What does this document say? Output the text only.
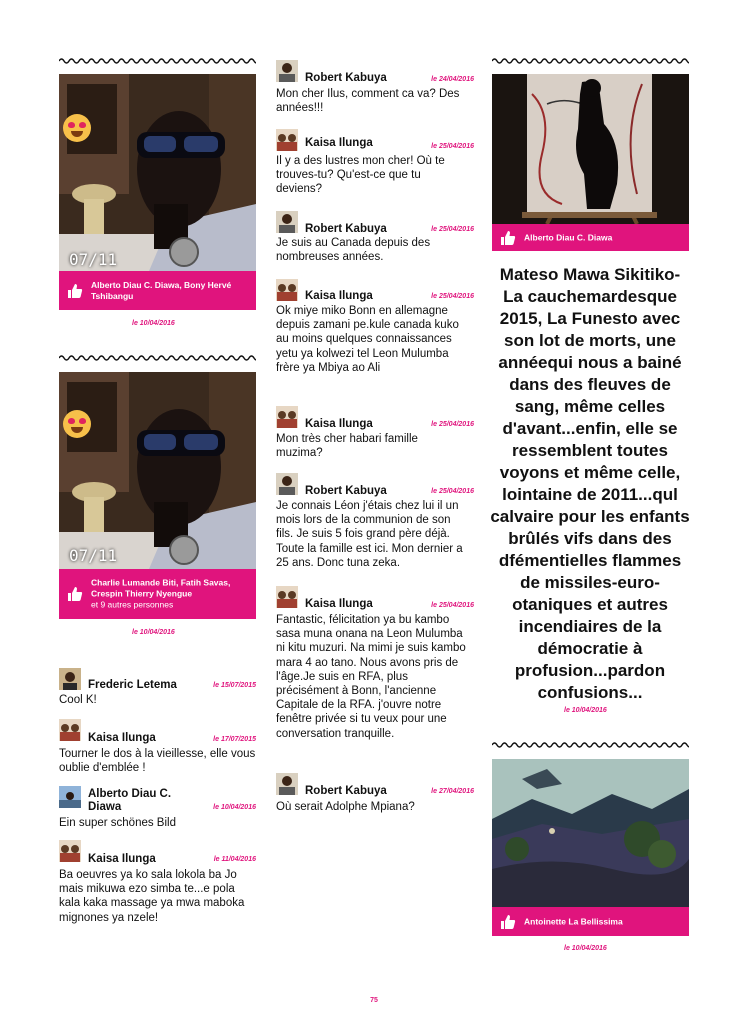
07/11
Alberto Diau C. Diawa, Bony Hervé Tshibangu
le 10/04/2016
07/11
Charlie Lumande Biti, Fatih Savas, Crespin Thierry Nyengue
et 9 autres personnes
le 10/04/2016
Frederic Letema	le 15/07/2015
Cool K!
Kaisa Ilunga	le 17/07/2015
Tourner le dos à la vieillesse, elle vous oublie d'emblée !
Alberto Diau C. Diawa	le 10/04/2016
Ein super schönes Bild
Kaisa Ilunga	le 11/04/2016
Ba oeuvres ya ko sala lokola ba Jo mais mikuwa ezo simba te...e pola kala kaka massage ya mwa maboka mignones ya nzele!
Robert Kabuya	le 24/04/2016
Mon cher Ilus, comment ca va? Des années!!!
Kaisa Ilunga	le 25/04/2016
Il y a des lustres mon cher! Où te trouves-tu? Qu'est-ce que tu deviens?
Robert Kabuya	le 25/04/2016
Je suis au Canada depuis des nombreuses années.
Kaisa Ilunga	le 25/04/2016
Ok miye miko Bonn en allemagne depuis zamani pe.kule canada kuko au moins quelques connaissances yetu ya kolwezi tel Leon Mulumba frère ya Mbiya ao Ali
Kaisa Ilunga	le 25/04/2016
Mon très cher habari famille muzima?
Robert Kabuya	le 25/04/2016
Je connais Léon j'étais chez lui il un mois lors de la communion de son fils. Je suis 5 fois grand père déjà. Toute la famille est ici. Mon dernier a 25 ans. Donc tuna zeka.
Kaisa Ilunga	le 25/04/2016
Fantastic, félicitation ya bu kambo sasa muna onana na Leon Mulumba ni kitu muzuri. Na mimi je suis kambo mara 4 ao tano. Nous avons pris de l'âge.Je suis en RFA, plus précisément à Bonn, l'ancienne Capitale de la RFA. j'ouvre notre fenêtre privée si tu veux pour une conversation tranquille.
Robert Kabuya	le 27/04/2016
Où serait Adolphe Mpiana?
Alberto Diau C. Diawa
Mateso Mawa Sikitiko-La cauchemardesque 2015, La Funesto avec son lot de morts, une annéequi nous a bainé dans des fleuves de sang, même celles d'avant...enfin, elle se ressemblent toutes voyons et même celle, lointaine de 2011...qul calvaire pour les enfants brûlés vifs dans des dfémentielles flammes de missiles-euro-otaniques et autres incendiaires de la démocratie à profusion...pardon confusions...
le 10/04/2016
Antoinette La Bellissima
le 10/04/2016
75
